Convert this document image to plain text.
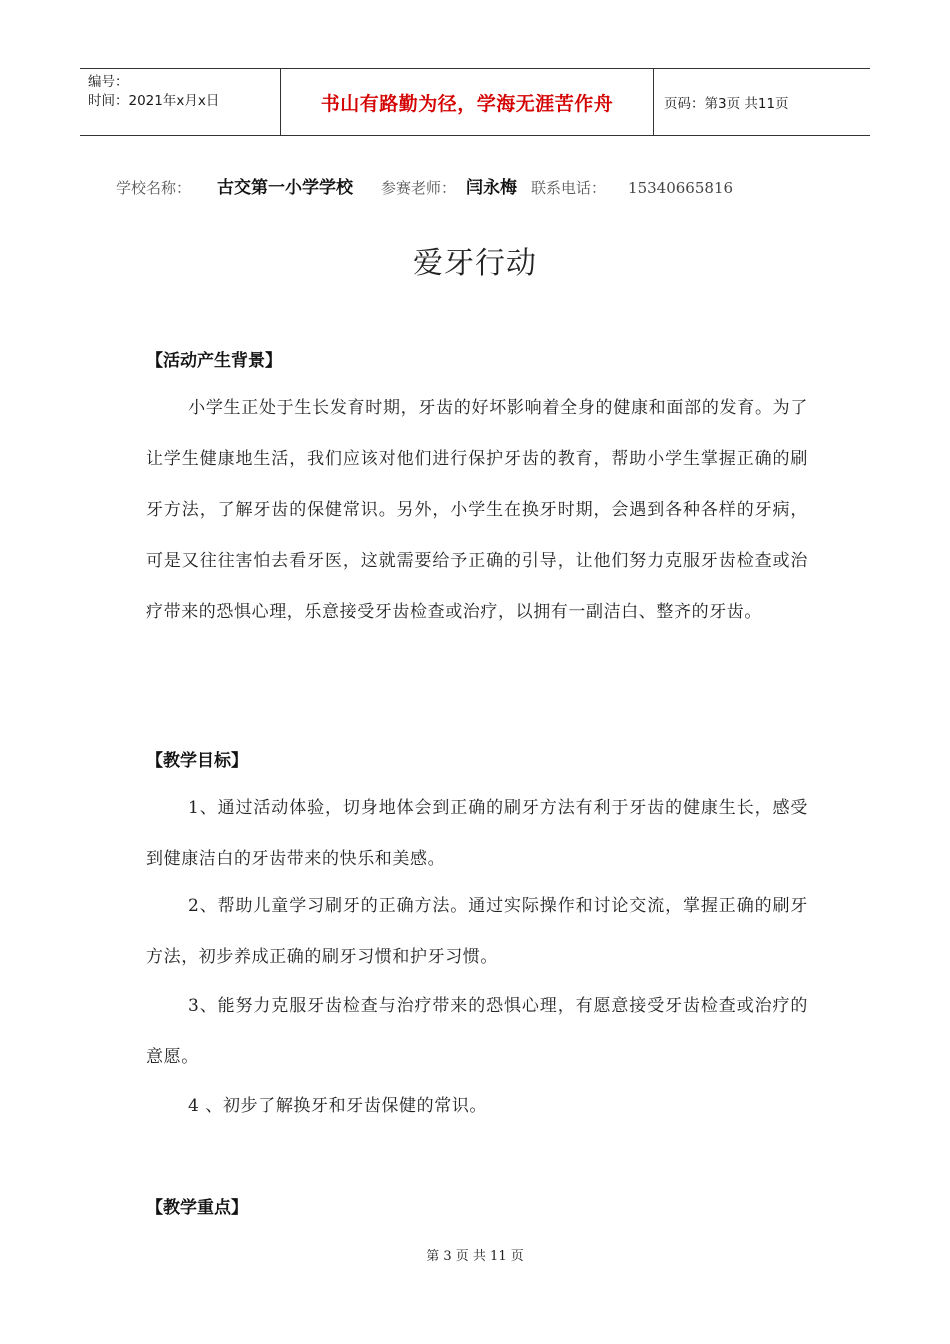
编号：
时间：2021年x月x日	书山有路勤为径，学海无涯苦作舟	页码：第3页 共11页
学校名称： 古交第一小学学校 参赛老师： 闫永梅 联系电话： 15340665816
爱牙行动
【活动产生背景】
小学生正处于生长发育时期，牙齿的好坏影响着全身的健康和面部的发育。为了让学生健康地生活，我们应该对他们进行保护牙齿的教育，帮助小学生掌握正确的刷牙方法，了解牙齿的保健常识。另外，小学生在换牙时期，会遇到各种各样的牙病，可是又往往害怕去看牙医，这就需要给予正确的引导，让他们努力克服牙齿检查或治疗带来的恐惧心理，乐意接受牙齿检查或治疗，以拥有一副洁白、整齐的牙齿。
【教学目标】
1、通过活动体验，切身地体会到正确的刷牙方法有利于牙齿的健康生长，感受到健康洁白的牙齿带来的快乐和美感。
2、帮助儿童学习刷牙的正确方法。通过实际操作和讨论交流，掌握正确的刷牙方法，初步养成正确的刷牙习惯和护牙习惯。
3、能努力克服牙齿检查与治疗带来的恐惧心理，有愿意接受牙齿检查或治疗的意愿。
4 、初步了解换牙和牙齿保健的常识。
【教学重点】
第 3 页 共 11 页
